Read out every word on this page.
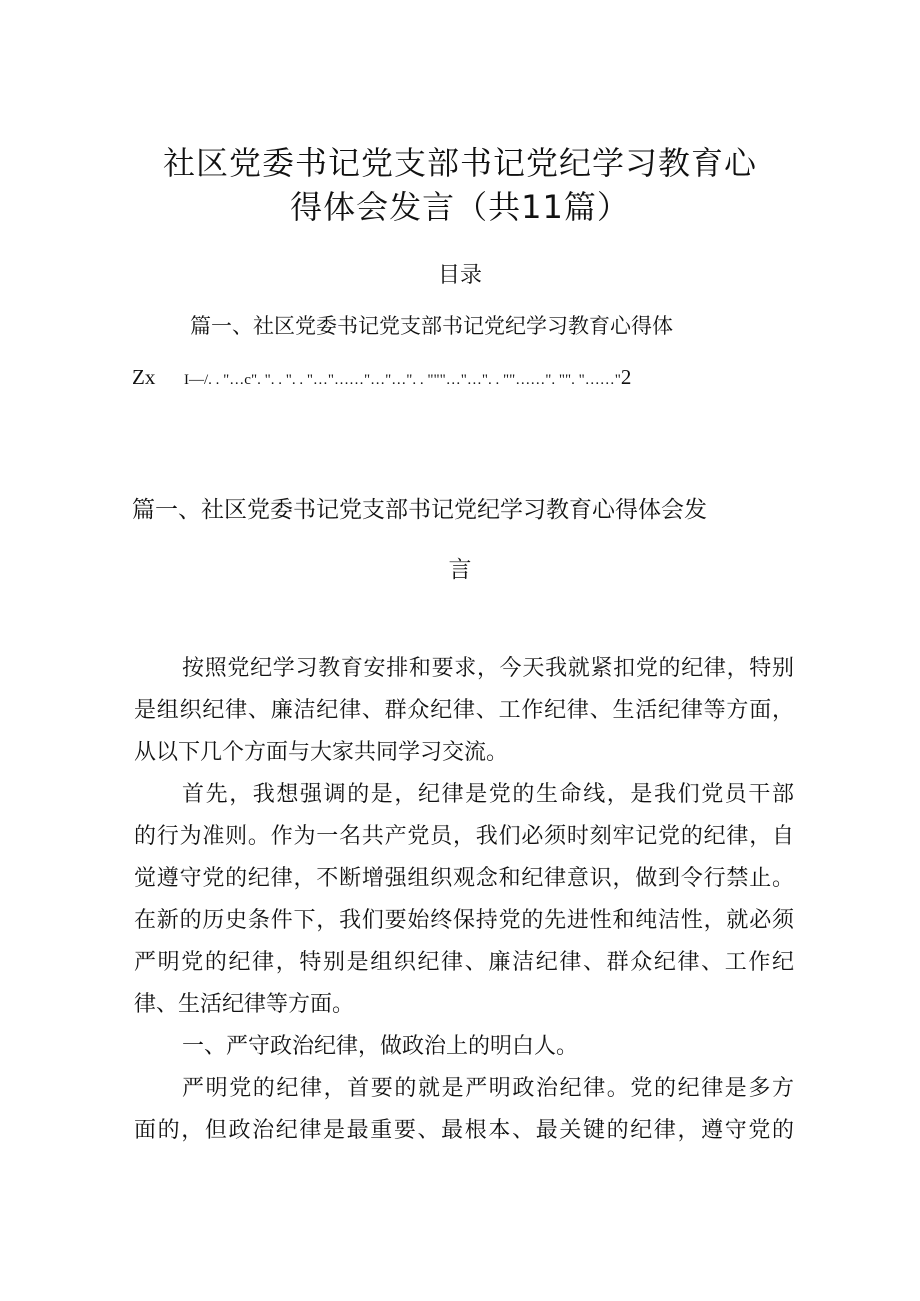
社区党委书记党支部书记党纪学习教育心
得体会发言（共11篇）
目录
篇一、社区党委书记党支部书记党纪学习教育心得体
Zx I—/. . "…c". ". . ". . "…"……"…"…". . """…"…". . ""……". "". "……"2
篇一、社区党委书记党支部书记党纪学习教育心得体会发
言
按照党纪学习教育安排和要求，今天我就紧扣党的纪律，特别
是组织纪律、廉洁纪律、群众纪律、工作纪律、生活纪律等方面，
从以下几个方面与大家共同学习交流。
首先，我想强调的是，纪律是党的生命线，是我们党员干部
的行为准则。作为一名共产党员，我们必须时刻牢记党的纪律，自
觉遵守党的纪律，不断增强组织观念和纪律意识，做到令行禁止。
在新的历史条件下，我们要始终保持党的先进性和纯洁性，就必须
严明党的纪律，特别是组织纪律、廉洁纪律、群众纪律、工作纪
律、生活纪律等方面。
一、严守政治纪律，做政治上的明白人。
严明党的纪律，首要的就是严明政治纪律。党的纪律是多方
面的，但政治纪律是最重要、最根本、最关键的纪律，遵守党的
